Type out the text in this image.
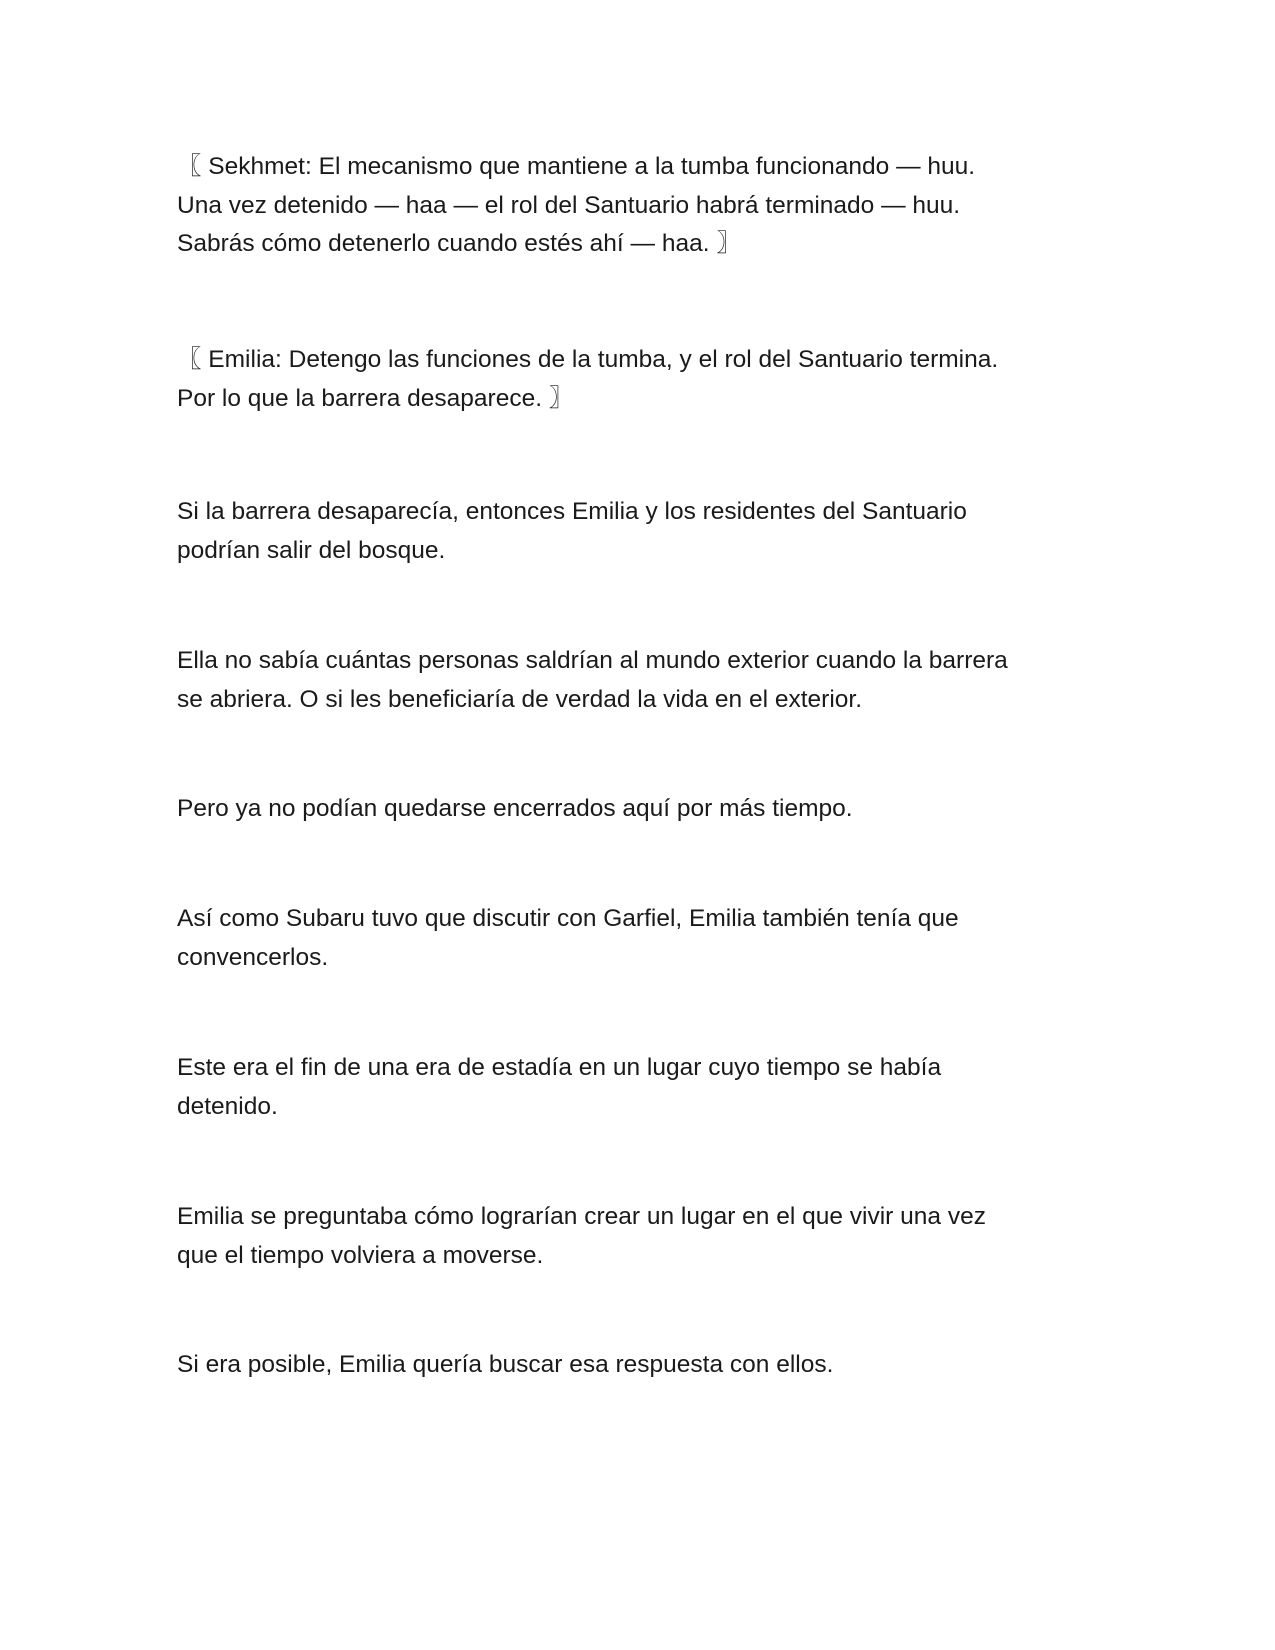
〖 Sekhmet: El mecanismo que mantiene a la tumba funcionando — huu.
Una vez detenido — haa — el rol del Santuario habrá terminado — huu.
Sabrás cómo detenerlo cuando estés ahí — haa. 〗

〖 Emilia: Detengo las funciones de la tumba, y el rol del Santuario termina.
Por lo que la barrera desaparece. 〗

Si la barrera desaparecía, entonces Emilia y los residentes del Santuario
podrían salir del bosque.

Ella no sabía cuántas personas saldrían al mundo exterior cuando la barrera
se abriera. O si les beneficiaría de verdad la vida en el exterior.

Pero ya no podían quedarse encerrados aquí por más tiempo.

Así como Subaru tuvo que discutir con Garfiel, Emilia también tenía que
convencerlos.

Este era el fin de una era de estadía en un lugar cuyo tiempo se había
detenido.

Emilia se preguntaba cómo lograrían crear un lugar en el que vivir una vez
que el tiempo volviera a moverse.

Si era posible, Emilia quería buscar esa respuesta con ellos.
